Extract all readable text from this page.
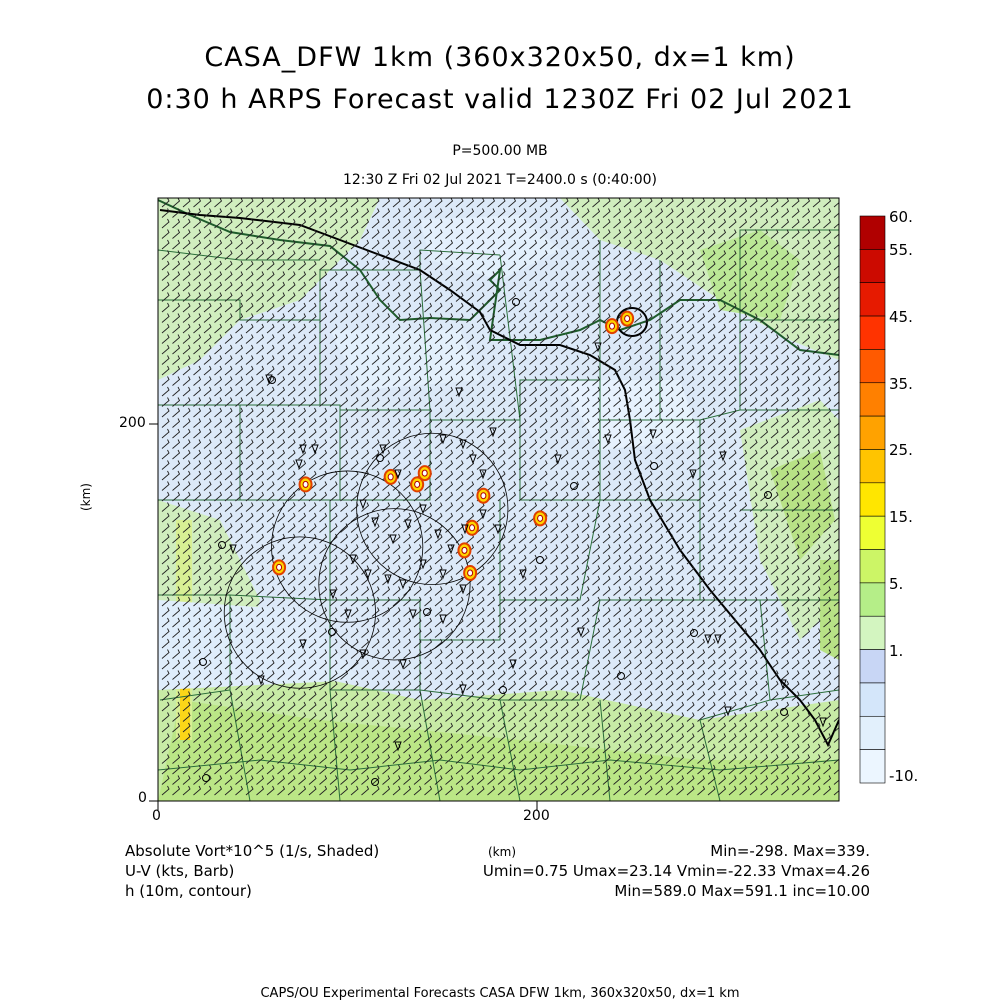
CASA_DFW 1km (360x320x50, dx=1 km)
0:30 h ARPS Forecast valid 1230Z Fri 02 Jul 2021
P=500.00 MB
12:30 Z Fri 02 Jul 2021 T=2400.0 s (0:40:00)
0
200
0	200
(km)
60.
55.
45.
35.
25.
15.
5.
1.
-10.
Absolute Vort*10^5 (1/s, Shaded)	(km)	Min=-298. Max=339.
U-V (kts, Barb)	Umin=0.75 Umax=23.14 Vmin=-22.33 Vmax=4.26
h (10m, contour)	Min=589.0 Max=591.1 inc=10.00
CAPS/OU Experimental Forecasts CASA DFW 1km, 360x320x50, dx=1 km
